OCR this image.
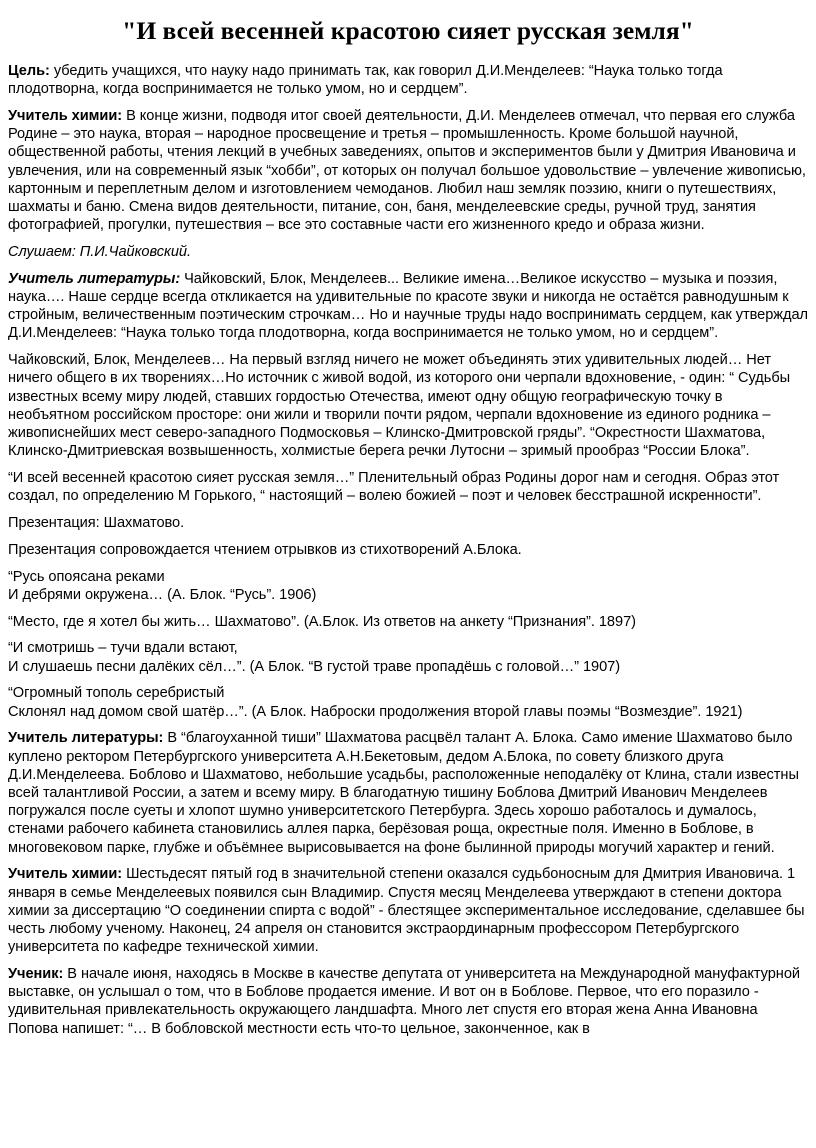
"И всей весенней красотою сияет русская земля"

Цель: убедить учащихся, что науку надо принимать так, как говорил Д.И.Менделеев: “Наука только тогда плодотворна, когда воспринимается не только умом, но и сердцем”.

Учитель химии: В конце жизни, подводя итог своей деятельности, Д.И. Менделеев отмечал, что первая его служба Родине – это наука, вторая – народное просвещение и третья – промышленность. Кроме большой научной, общественной работы, чтения лекций в учебных заведениях, опытов и экспериментов были у Дмитрия Ивановича и увлечения, или на современный язык “хобби”, от которых он получал большое удовольствие – увлечение живописью, картонным и переплетным делом и изготовлением чемоданов. Любил наш земляк поэзию, книги о путешествиях, шахматы и баню. Смена видов деятельности, питание, сон, баня, менделеевские среды, ручной труд, занятия фотографией, прогулки, путешествия – все это составные части его жизненного кредо и образа жизни.

Слушаем: П.И.Чайковский.

Учитель литературы: Чайковский, Блок, Менделеев... Великие имена…Великое искусство – музыка и поэзия, наука…. Наше сердце всегда откликается на удивительные по красоте звуки и никогда не остаётся равнодушным к стройным, величественным поэтическим строчкам… Но и научные труды надо воспринимать сердцем, как утверждал Д.И.Менделеев: “Наука только тогда плодотворна, когда воспринимается не только умом, но и сердцем”.

Чайковский, Блок, Менделеев… На первый взгляд ничего не может объединять этих удивительных людей… Нет ничего общего в их творениях…Но источник с живой водой, из которого они черпали вдохновение, - один: “ Судьбы известных всему миру людей, ставших гордостью Отечества, имеют одну общую географическую точку в необъятном российском просторе: они жили и творили почти рядом, черпали вдохновение из единого родника – живописнейших мест северо-западного Подмосковья – Клинско-Дмитровской гряды”. “Окрестности Шахматова, Клинско-Дмитриевская возвышенность, холмистые берега речки Лутосни – зримый прообраз “России Блока”.

“И всей весенней красотою сияет русская земля…” Пленительный образ Родины дорог нам и сегодня. Образ этот создал, по определению М Горького, “ настоящий – волею божией – поэт и человек бесстрашной искренности”.

Презентация: Шахматово.

Презентация сопровождается чтением отрывков из стихотворений А.Блока.

“Русь опоясана реками
И дебрями окружена… (А. Блок. “Русь”. 1906)

“Место, где я хотел бы жить… Шахматово”. (А.Блок. Из ответов на анкету “Признания”. 1897)

“И смотришь – тучи вдали встают,
И слушаешь песни далёких сёл…”. (А Блок. “В густой траве пропадёшь с головой…” 1907)

“Огромный тополь серебристый
Склонял над домом свой шатёр…”. (А Блок. Наброски продолжения второй главы поэмы “Возмездие”. 1921)

Учитель литературы: В “благоуханной тиши” Шахматова расцвёл талант А. Блока. Само имение Шахматово было куплено ректором Петербургского университета А.Н.Бекетовым, дедом А.Блока, по совету близкого друга Д.И.Менделеева. Боблово и Шахматово, небольшие усадьбы, расположенные неподалёку от Клина, стали известны всей талантливой России, а затем и всему миру. В благодатную тишину Боблова Дмитрий Иванович Менделеев погружался после суеты и хлопот шумно университетского Петербурга. Здесь хорошо работалось и думалось, стенами рабочего кабинета становились аллея парка, берёзовая роща, окрестные поля. Именно в Боблове, в многовековом парке, глубже и объёмнее вырисовывается на фоне былинной природы могучий характер и гений.

Учитель химии: Шестьдесят пятый год в значительной степени оказался судьбоносным для Дмитрия Ивановича. 1 января в семье Менделеевых появился сын Владимир. Спустя месяц Менделеева утверждают в степени доктора химии за диссертацию “О соединении спирта с водой” - блестящее экспериментальное исследование, сделавшее бы честь любому ученому. Наконец, 24 апреля он становится экстраординарным профессором Петербургского университета по кафедре технической химии.

Ученик: В начале июня, находясь в Москве в качестве депутата от университета на Международной мануфактурной выставке, он услышал о том, что в Боблове продается имение. И вот он в Боблове. Первое, что его поразило - удивительная привлекательность окружающего ландшафта. Много лет спустя его вторая жена Анна Ивановна Попова напишет: “… В бобловской местности есть что-то цельное, законченное, как в
